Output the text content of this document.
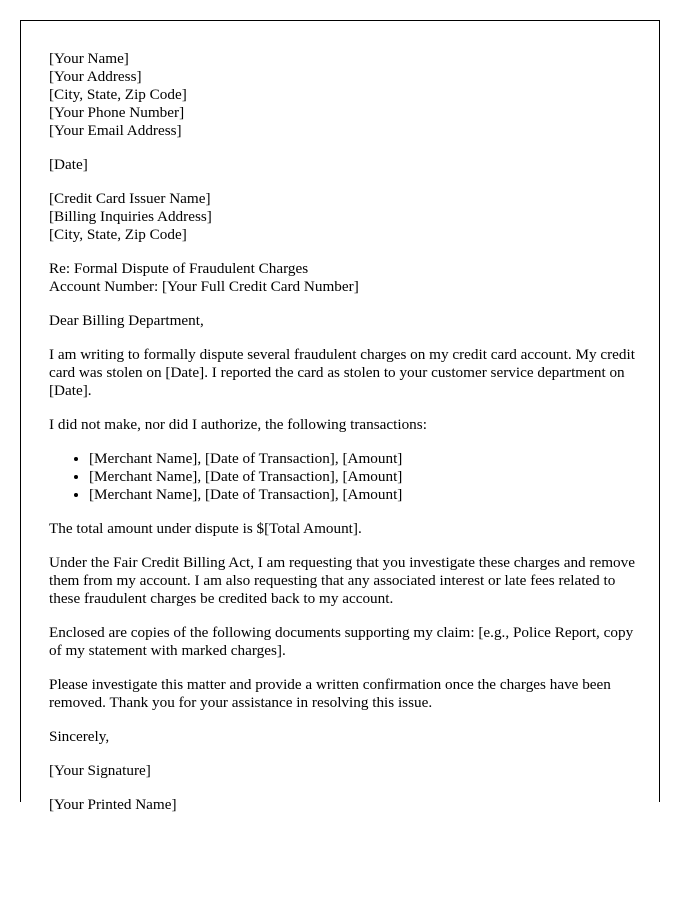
[Your Name]
[Your Address]
[City, State, Zip Code]
[Your Phone Number]
[Your Email Address]

[Date]

[Credit Card Issuer Name]
[Billing Inquiries Address]
[City, State, Zip Code]
Re: Formal Dispute of Fraudulent Charges
Account Number: [Your Full Credit Card Number]

Dear Billing Department,

I am writing to formally dispute several fraudulent charges on my credit card account. My credit card was stolen on [Date]. I reported the card as stolen to your customer service department on [Date].

I did not make, nor did I authorize, the following transactions:

• [Merchant Name], [Date of Transaction], [Amount]
• [Merchant Name], [Date of Transaction], [Amount]
• [Merchant Name], [Date of Transaction], [Amount]

The total amount under dispute is $[Total Amount].

Under the Fair Credit Billing Act, I am requesting that you investigate these charges and remove them from my account. I am also requesting that any associated interest or late fees related to these fraudulent charges be credited back to my account.

Enclosed are copies of the following documents supporting my claim: [e.g., Police Report, copy of my statement with marked charges].

Please investigate this matter and provide a written confirmation once the charges have been removed. Thank you for your assistance in resolving this issue.

Sincerely,

[Your Signature]

[Your Printed Name]
